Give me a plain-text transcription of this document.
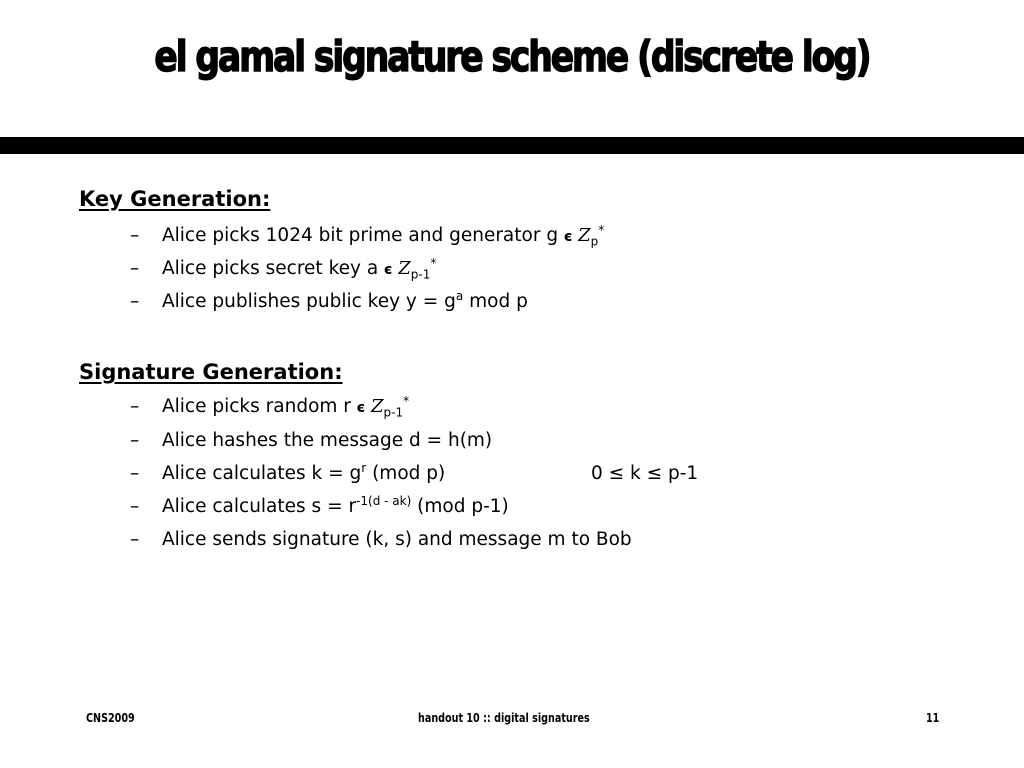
el gamal signature scheme (discrete log)
Key Generation:
– Alice picks 1024 bit prime and generator g є $Z_p^*$
– Alice picks secret key a є $Z_{p-1}^*$
– Alice publishes public key $y = g^a$ mod p
Signature Generation:
– Alice picks random r є $Z_{p-1}^*$
– Alice hashes the message d = h(m)
– Alice calculates $k = g^r$ (mod p)	0 ≤ k ≤ p-1
– Alice calculates $s = r^{-1(d - ak)}$ (mod p-1)
– Alice sends signature (k, s) and message m to Bob
CNS2009	handout 10 :: digital signatures	11
